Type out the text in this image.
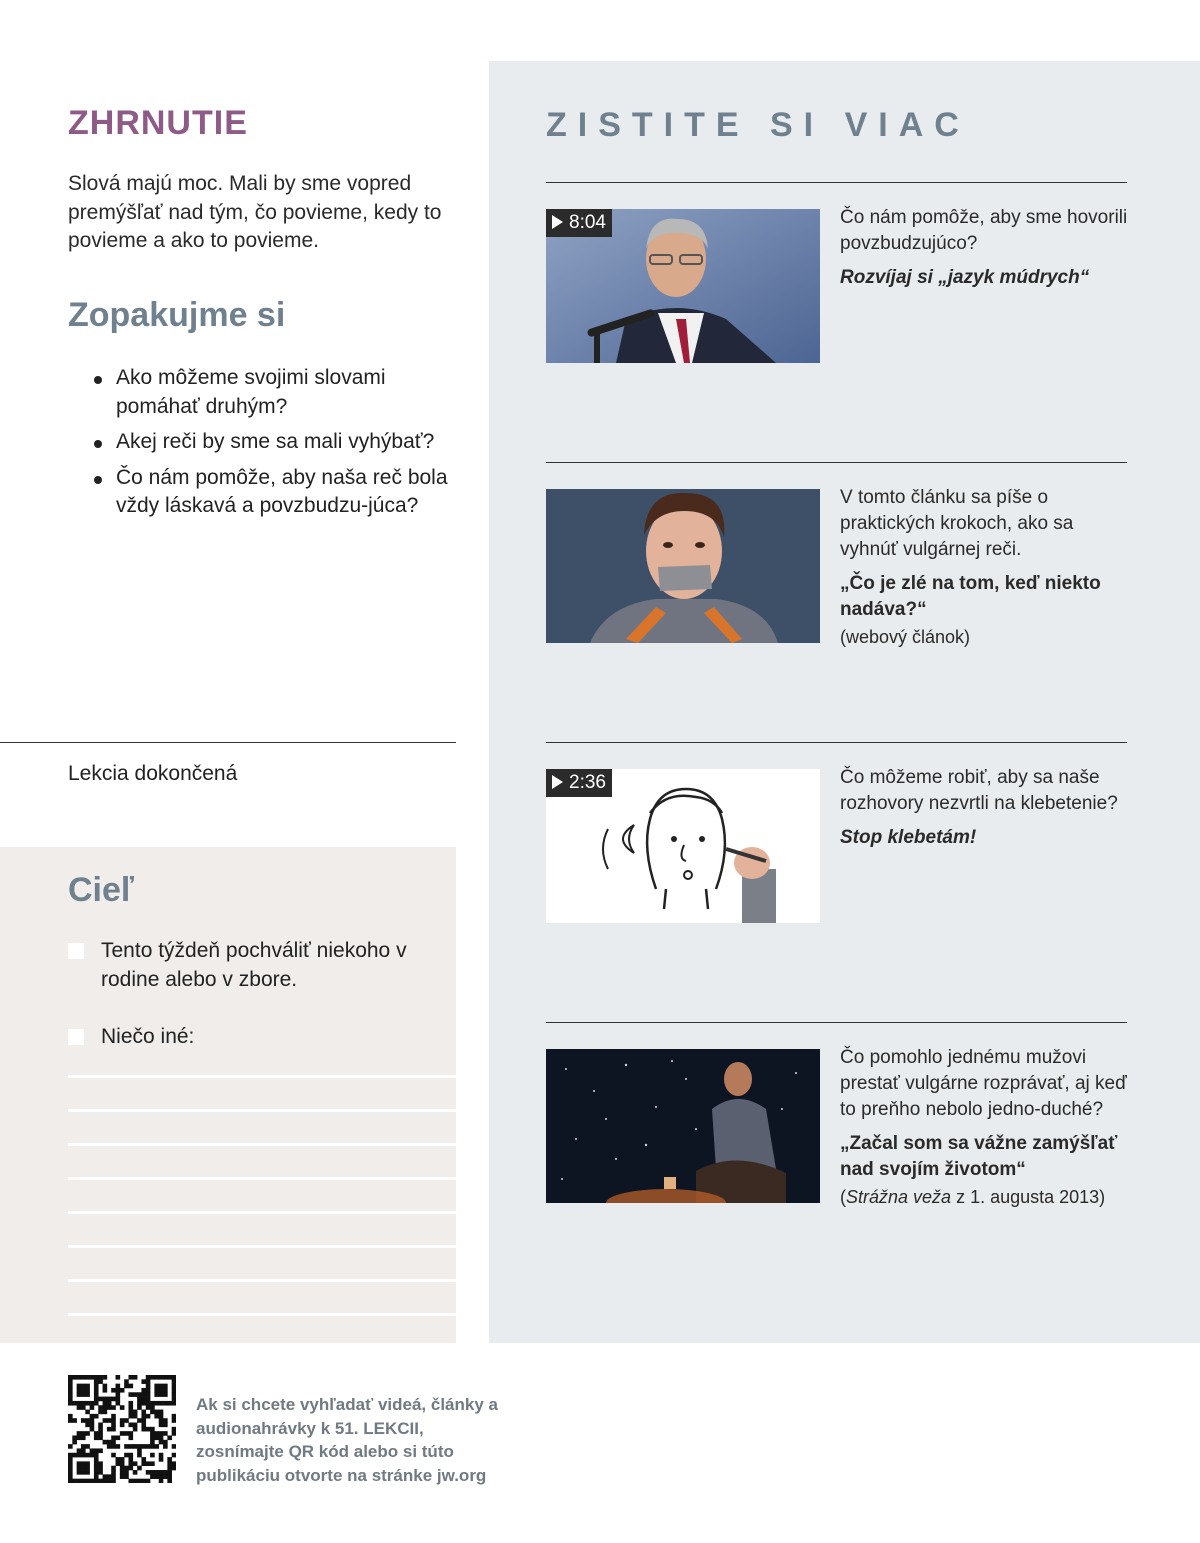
ZHRNUTIE
Slová majú moc. Mali by sme vopred premýšľať nad tým, čo povieme, kedy to povieme a ako to povieme.
Zopakujme si
Ako môžeme svojimi slovami pomáhať druhým?
Akej reči by sme sa mali vyhýbať?
Čo nám pomôže, aby naša reč bola vždy láskavá a povzbudzu-júca?
Lekcia dokončená
Cieľ
Tento týždeň pochváliť niekoho v rodine alebo v zbore.
Niečo iné:
ZISTITE SI VIAC
8:04	Čo nám pomôže, aby sme hovorili povzbudzujúco?
Rozvíjaj si „jazyk múdrych“
V tomto článku sa píše o praktických krokoch, ako sa vyhnúť vulgárnej reči.
„Čo je zlé na tom, keď niekto nadáva?“
(webový článok)
2:36	Čo môžeme robiť, aby sa naše rozhovory nezvrtli na klebetenie?
Stop klebetám!
Čo pomohlo jednému mužovi prestať vulgárne rozprávať, aj keď to preňho nebolo jedno-duché?
„Začal som sa vážne zamýšľať nad svojím životom“
(Strážna veža z 1. augusta 2013)
Ak si chcete vyhľadať videá, články a audionahrávky k 51. LEKCII, zosnímajte QR kód alebo si túto publikáciu otvorte na stránke jw.org
